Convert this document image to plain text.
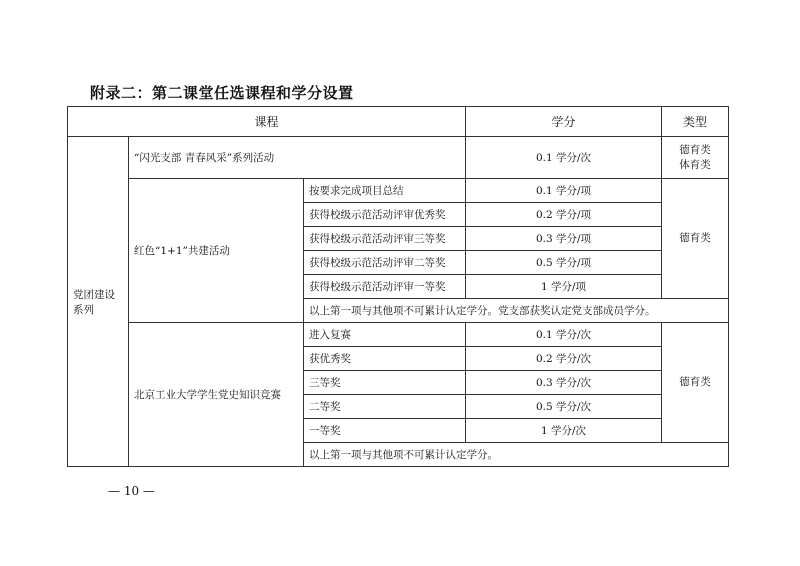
附录二：第二课堂任选课程和学分设置
课程			学分	类型
党团建设系列	“闪光支部 青春风采”系列活动		0.1 学分/次	德育类
体育类
	红色“1+1”共建活动	按要求完成项目总结	0.1 学分/项	德育类
		获得校级示范活动评审优秀奖	0.2 学分/项	
		获得校级示范活动评审三等奖	0.3 学分/项	
		获得校级示范活动评审二等奖	0.5 学分/项	
		获得校级示范活动评审一等奖	1 学分/项	
		以上第一项与其他项不可累计认定学分。党支部获奖认定党支部成员学分。		
	北京工业大学学生党史知识竞赛	进入复赛	0.1 学分/次	德育类
		获优秀奖	0.2 学分/次	
		三等奖	0.3 学分/次	
		二等奖	0.5 学分/次	
		一等奖	1 学分/次	
		以上第一项与其他项不可累计认定学分。		
— 10 —
